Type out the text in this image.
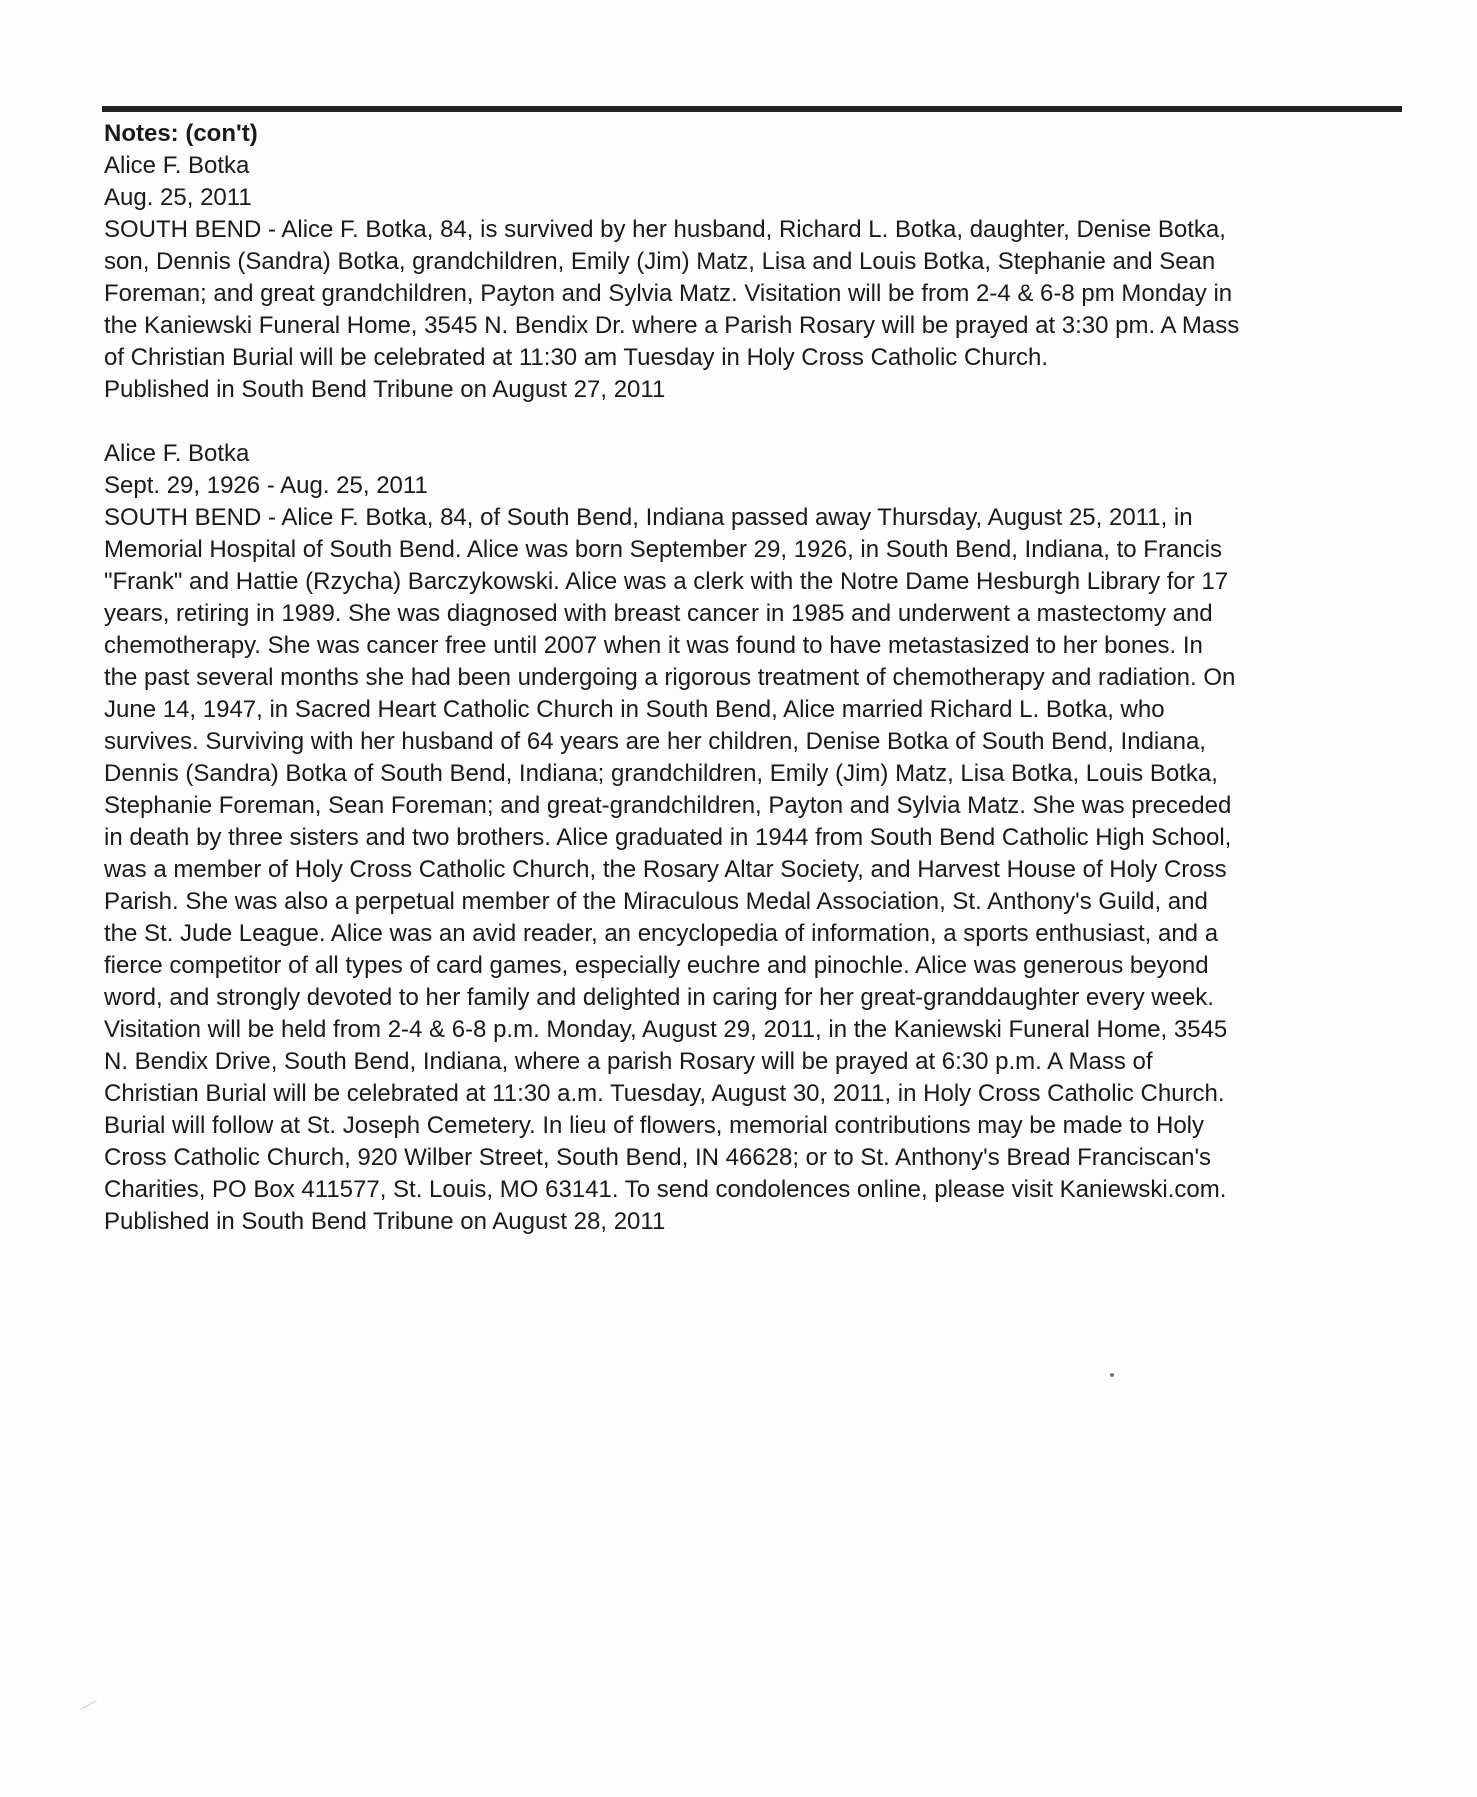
Notes: (con't)
Alice F. Botka
Aug. 25, 2011
SOUTH BEND - Alice F. Botka, 84, is survived by her husband, Richard L. Botka, daughter, Denise Botka,
son, Dennis (Sandra) Botka, grandchildren, Emily (Jim) Matz, Lisa and Louis Botka, Stephanie and Sean
Foreman; and great grandchildren, Payton and Sylvia Matz. Visitation will be from 2-4 & 6-8 pm Monday in
the Kaniewski Funeral Home, 3545 N. Bendix Dr. where a Parish Rosary will be prayed at 3:30 pm. A Mass
of Christian Burial will be celebrated at 11:30 am Tuesday in Holy Cross Catholic Church.
Published in South Bend Tribune on August 27, 2011
Alice F. Botka
Sept. 29, 1926 - Aug. 25, 2011
SOUTH BEND - Alice F. Botka, 84, of South Bend, Indiana passed away Thursday, August 25, 2011, in
Memorial Hospital of South Bend. Alice was born September 29, 1926, in South Bend, Indiana, to Francis
"Frank" and Hattie (Rzycha) Barczykowski. Alice was a clerk with the Notre Dame Hesburgh Library for 17
years, retiring in 1989. She was diagnosed with breast cancer in 1985 and underwent a mastectomy and
chemotherapy. She was cancer free until 2007 when it was found to have metastasized to her bones. In
the past several months she had been undergoing a rigorous treatment of chemotherapy and radiation. On
June 14, 1947, in Sacred Heart Catholic Church in South Bend, Alice married Richard L. Botka, who
survives. Surviving with her husband of 64 years are her children, Denise Botka of South Bend, Indiana,
Dennis (Sandra) Botka of South Bend, Indiana; grandchildren, Emily (Jim) Matz, Lisa Botka, Louis Botka,
Stephanie Foreman, Sean Foreman; and great-grandchildren, Payton and Sylvia Matz. She was preceded
in death by three sisters and two brothers. Alice graduated in 1944 from South Bend Catholic High School,
was a member of Holy Cross Catholic Church, the Rosary Altar Society, and Harvest House of Holy Cross
Parish. She was also a perpetual member of the Miraculous Medal Association, St. Anthony's Guild, and
the St. Jude League. Alice was an avid reader, an encyclopedia of information, a sports enthusiast, and a
fierce competitor of all types of card games, especially euchre and pinochle. Alice was generous beyond
word, and strongly devoted to her family and delighted in caring for her great-granddaughter every week.
Visitation will be held from 2-4 & 6-8 p.m. Monday, August 29, 2011, in the Kaniewski Funeral Home, 3545
N. Bendix Drive, South Bend, Indiana, where a parish Rosary will be prayed at 6:30 p.m. A Mass of
Christian Burial will be celebrated at 11:30 a.m. Tuesday, August 30, 2011, in Holy Cross Catholic Church.
Burial will follow at St. Joseph Cemetery. In lieu of flowers, memorial contributions may be made to Holy
Cross Catholic Church, 920 Wilber Street, South Bend, IN 46628; or to St. Anthony's Bread Franciscan's
Charities, PO Box 411577, St. Louis, MO 63141. To send condolences online, please visit Kaniewski.com.
Published in South Bend Tribune on August 28, 2011
